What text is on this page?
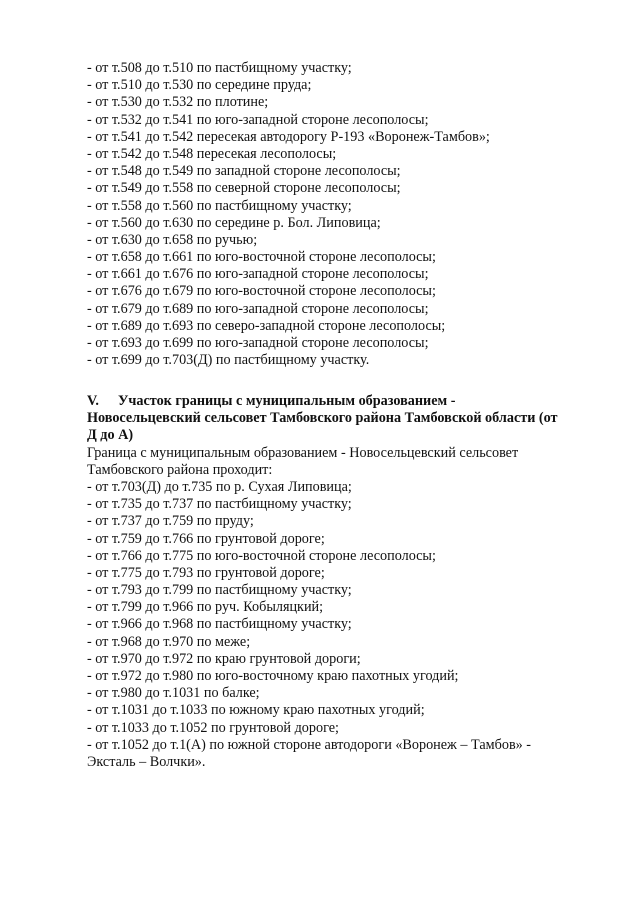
- от т.508 до т.510 по пастбищному участку;
- от т.510 до т.530 по середине пруда;
- от т.530 до т.532 по плотине;
- от т.532 до т.541 по юго-западной стороне лесополосы;
- от т.541 до т.542 пересекая автодорогу Р-193 «Воронеж-Тамбов»;
- от т.542 до т.548 пересекая лесополосы;
- от т.548 до т.549 по западной стороне лесополосы;
- от т.549 до т.558 по северной стороне лесополосы;
- от т.558 до т.560 по пастбищному участку;
- от т.560 до т.630 по середине р. Бол. Липовица;
- от т.630 до т.658 по ручью;
- от т.658 до т.661 по юго-восточной стороне лесополосы;
- от т.661 до т.676 по юго-западной стороне лесополосы;
- от т.676 до т.679 по юго-восточной стороне лесополосы;
- от т.679 до т.689 по юго-западной стороне лесополосы;
- от т.689 до т.693 по северо-западной стороне лесополосы;
- от т.693 до т.699 по юго-западной стороне лесополосы;
- от т.699 до т.703(Д) по пастбищному участку.
V. Участок границы с муниципальным образованием -
Новосельцевский сельсовет Тамбовского района Тамбовской области (от
Д до А)
Граница с муниципальным образованием - Новосельцевский сельсовет
Тамбовского района проходит:
- от т.703(Д) до т.735 по р. Сухая Липовица;
- от т.735 до т.737 по пастбищному участку;
- от т.737 до т.759 по пруду;
- от т.759 до т.766 по грунтовой дороге;
- от т.766 до т.775 по юго-восточной стороне лесополосы;
- от т.775 до т.793 по грунтовой дороге;
- от т.793 до т.799 по пастбищному участку;
- от т.799 до т.966 по руч. Кобыляцкий;
- от т.966 до т.968 по пастбищному участку;
- от т.968 до т.970 по меже;
- от т.970 до т.972 по краю грунтовой дороги;
- от т.972 до т.980 по юго-восточному краю пахотных угодий;
- от т.980 до т.1031 по балке;
- от т.1031 до т.1033 по южному краю пахотных угодий;
- от т.1033 до т.1052 по грунтовой дороге;
- от т.1052 до т.1(А) по южной стороне автодороги «Воронеж – Тамбов» -
Эксталь – Волчки».
